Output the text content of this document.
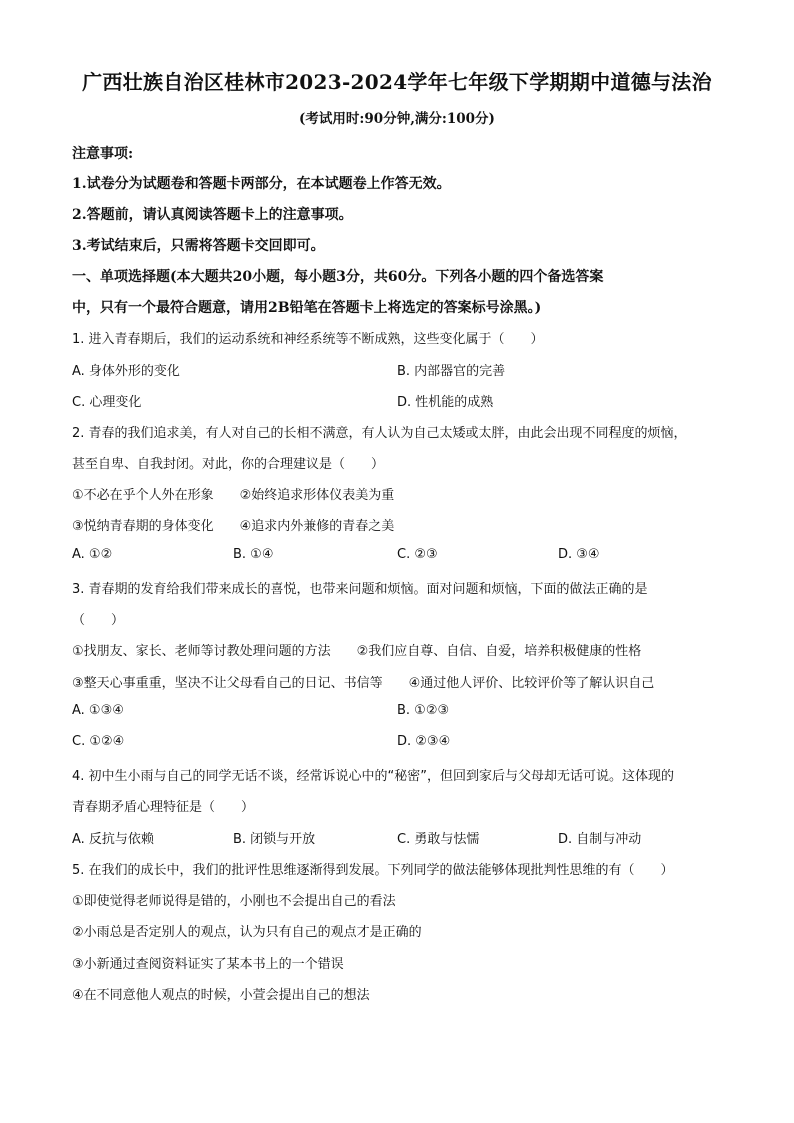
广西壮族自治区桂林市2023-2024学年七年级下学期期中道德与法治
(考试用时:90分钟,满分:100分)
注意事项:
1.试卷分为试题卷和答题卡两部分，在本试题卷上作答无效。
2.答题前，请认真阅读答题卡上的注意事项。
3.考试结束后，只需将答题卡交回即可。
一、单项选择题(本大题共20小题，每小题3分，共60分。下列各小题的四个备选答案
中，只有一个最符合题意，请用2B铅笔在答题卡上将选定的答案标号涂黑。)
1. 进入青春期后，我们的运动系统和神经系统等不断成熟，这些变化属于（　　）
A. 身体外形的变化	B. 内部器官的完善
C. 心理变化	D. 性机能的成熟
2. 青春的我们追求美，有人对自己的长相不满意，有人认为自己太矮或太胖，由此会出现不同程度的烦恼，
甚至自卑、自我封闭。对此，你的合理建议是（　　）
①不必在乎个人外在形象　　②始终追求形体仪表美为重
③悦纳青春期的身体变化　　④追求内外兼修的青春之美
A. ①②	B. ①④	C. ②③	D. ③④
3. 青春期的发育给我们带来成长的喜悦，也带来问题和烦恼。面对问题和烦恼，下面的做法正确的是
（　　）
①找朋友、家长、老师等讨教处理问题的方法　　②我们应自尊、自信、自爱，培养积极健康的性格
③整天心事重重，坚决不让父母看自己的日记、书信等　　④通过他人评价、比较评价等了解认识自己
A. ①③④	B. ①②③
C. ①②④	D. ②③④
4. 初中生小雨与自己的同学无话不谈，经常诉说心中的“秘密”，但回到家后与父母却无话可说。这体现的
青春期矛盾心理特征是（　　）
A. 反抗与依赖	B. 闭锁与开放	C. 勇敢与怯懦	D. 自制与冲动
5. 在我们的成长中，我们的批评性思维逐渐得到发展。下列同学的做法能够体现批判性思维的有（　　）
①即使觉得老师说得是错的，小刚也不会提出自己的看法
②小雨总是否定别人的观点，认为只有自己的观点才是正确的
③小新通过查阅资料证实了某本书上的一个错误
④在不同意他人观点的时候，小萱会提出自己的想法
